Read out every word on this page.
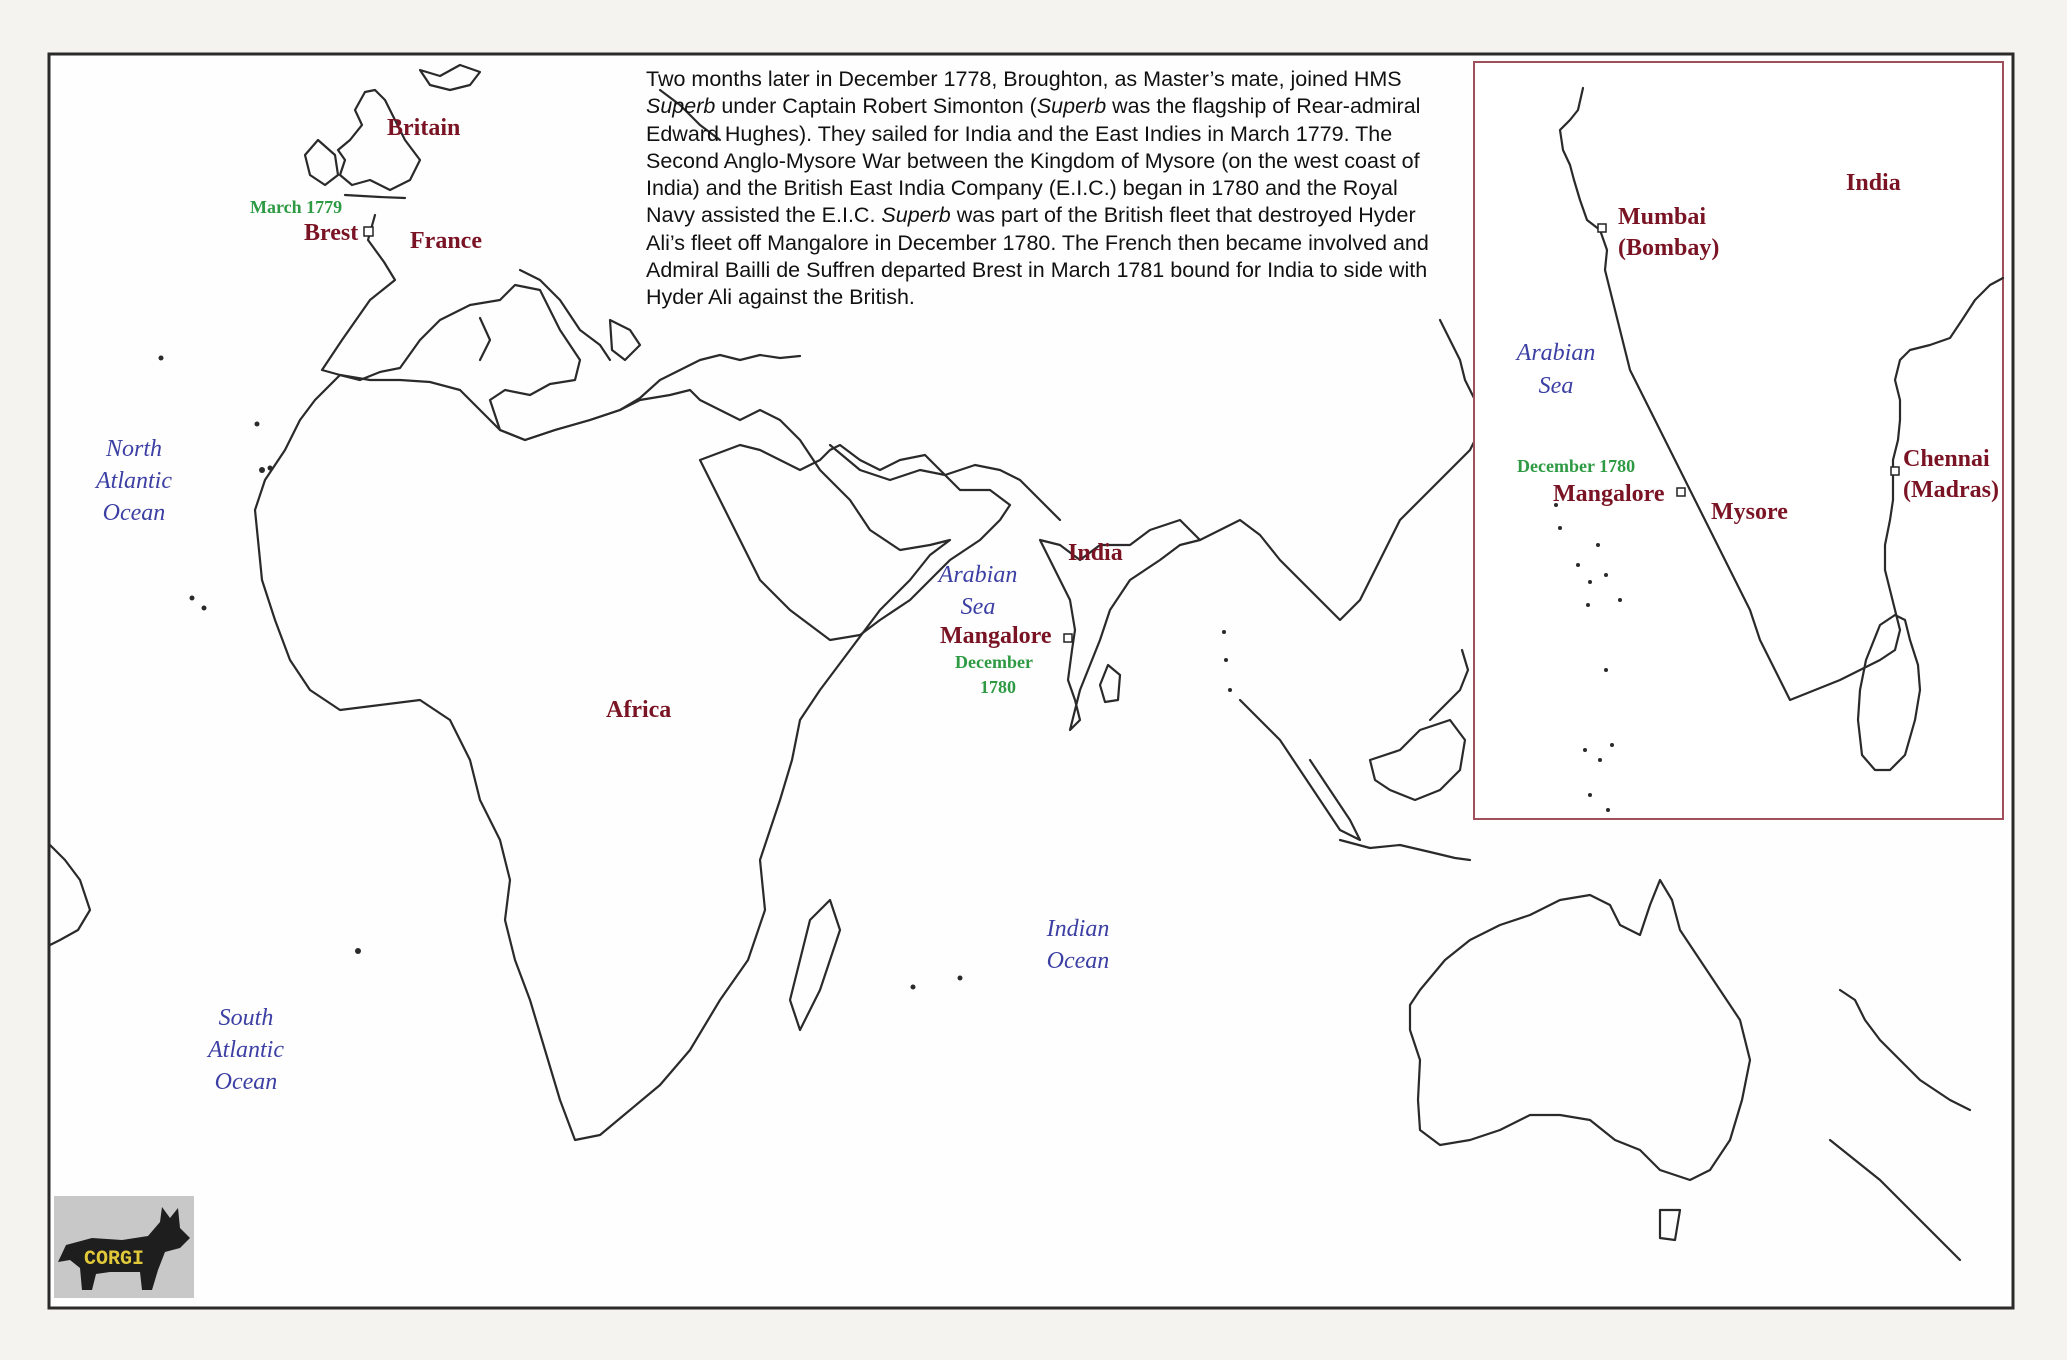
Britain
France
March 1779
Brest
Africa
India
Mangalore
December
1780
North
Atlantic
Ocean
South
Atlantic
Ocean
Arabian
Sea
Indian
Ocean
India
Mumbai
(Bombay)
Arabian
Sea
December 1780
Mangalore
Mysore
Chennai
(Madras)
CORGI
Two months later in December 1778, Broughton, as Master’s mate, joined HMS Superb under Captain Robert Simonton (Superb was the flagship of Rear-admiral Edward Hughes). They sailed for India and the East Indies in March 1779. The Second Anglo-Mysore War between the Kingdom of Mysore (on the west coast of India) and the British East India Company (E.I.C.) began in 1780 and the Royal Navy assisted the E.I.C. Superb was part of the British fleet that destroyed Hyder Ali’s fleet off Mangalore in December 1780. The French then became involved and Admiral Bailli de Suffren departed Brest in March 1781 bound for India to side with Hyder Ali against the British.
